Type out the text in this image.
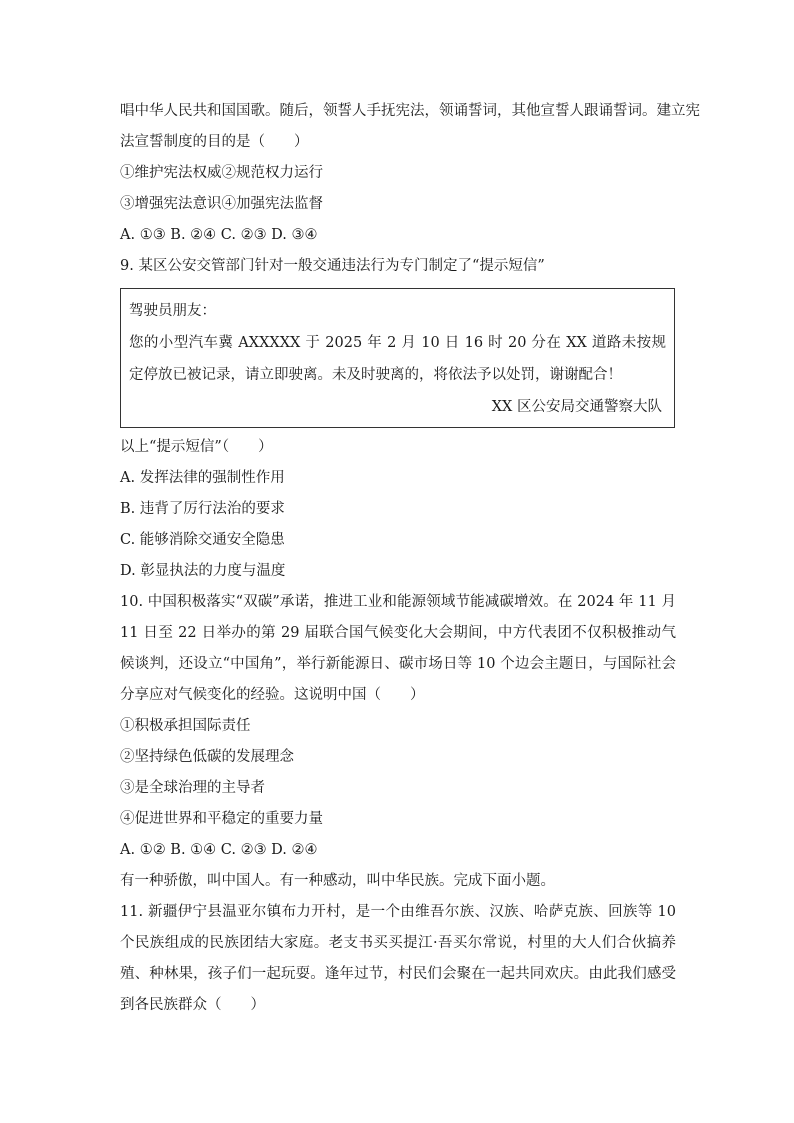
唱中华人民共和国国歌。随后，领誓人手抚宪法，领诵誓词，其他宣誓人跟诵誓词。建立宪
法宣誓制度的目的是（　　）
①维护宪法权威②规范权力运行
③增强宪法意识④加强宪法监督
A. ①③ B. ②④ C. ②③ D. ③④
9. 某区公安交管部门针对一般交通违法行为专门制定了“提示短信”
驾驶员朋友：
您的小型汽车冀 AXXXXX 于 2025 年 2 月 10 日 16 时 20 分在 XX 道路未按规定停放已被记录，请立即驶离。未及时驶离的，将依法予以处罚，谢谢配合！
XX 区公安局交通警察大队
以上“提示短信”（　　）
A. 发挥法律的强制性作用
B. 违背了厉行法治的要求
C. 能够消除交通安全隐患
D. 彰显执法的力度与温度
10. 中国积极落实“双碳”承诺，推进工业和能源领域节能减碳增效。在 2024 年 11 月 11 日至 22 日举办的第 29 届联合国气候变化大会期间，中方代表团不仅积极推动气候谈判，还设立“中国角”，举行新能源日、碳市场日等 10 个边会主题日，与国际社会分享应对气候变化的经验。这说明中国（　　）
①积极承担国际责任
②坚持绿色低碳的发展理念
③是全球治理的主导者
④促进世界和平稳定的重要力量
A. ①② B. ①④ C. ②③ D. ②④
有一种骄傲，叫中国人。有一种感动，叫中华民族。完成下面小题。
11. 新疆伊宁县温亚尔镇布力开村，是一个由维吾尔族、汉族、哈萨克族、回族等 10 个民族组成的民族团结大家庭。老支书买买提江·吾买尔常说，村里的大人们合伙搞养殖、种林果，孩子们一起玩耍。逢年过节，村民们会聚在一起共同欢庆。由此我们感受到各民族群众（　　）
